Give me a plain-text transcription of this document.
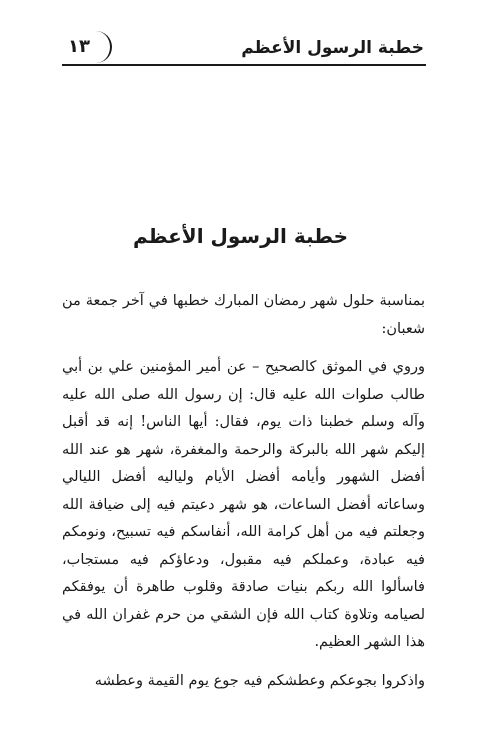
خطبة الرسول الأعظم
١٣
خطبة الرسول الأعظم

بمناسبة حلول شهر رمضان المبارك خطبها في آخر جمعة من شعبان:

وروي في الموثق كالصحيح – عن أمير المؤمنين علي بن أبي طالب صلوات الله عليه قال: إن رسول الله صلى الله عليه وآله وسلم خطبنا ذات يوم، فقال: أيها الناس! إنه قد أقبل إليكم شهر الله بالبركة والرحمة والمغفرة، شهر هو عند الله أفضل الشهور وأيامه أفضل الأيام ولياليه أفضل الليالي وساعاته أفضل الساعات، هو شهر دعيتم فيه إلى ضيافة الله وجعلتم فيه من أهل كرامة الله، أنفاسكم فيه تسبيح، ونومكم فيه عبادة، وعملكم فيه مقبول، ودعاؤكم فيه مستجاب، فاسألوا الله ربكم بنيات صادقة وقلوب طاهرة أن يوفقكم لصيامه وتلاوة كتاب الله فإن الشقي من حرم غفران الله في هذا الشهر العظيم.

واذكروا بجوعكم وعطشكم فيه جوع يوم القيمة وعطشه
